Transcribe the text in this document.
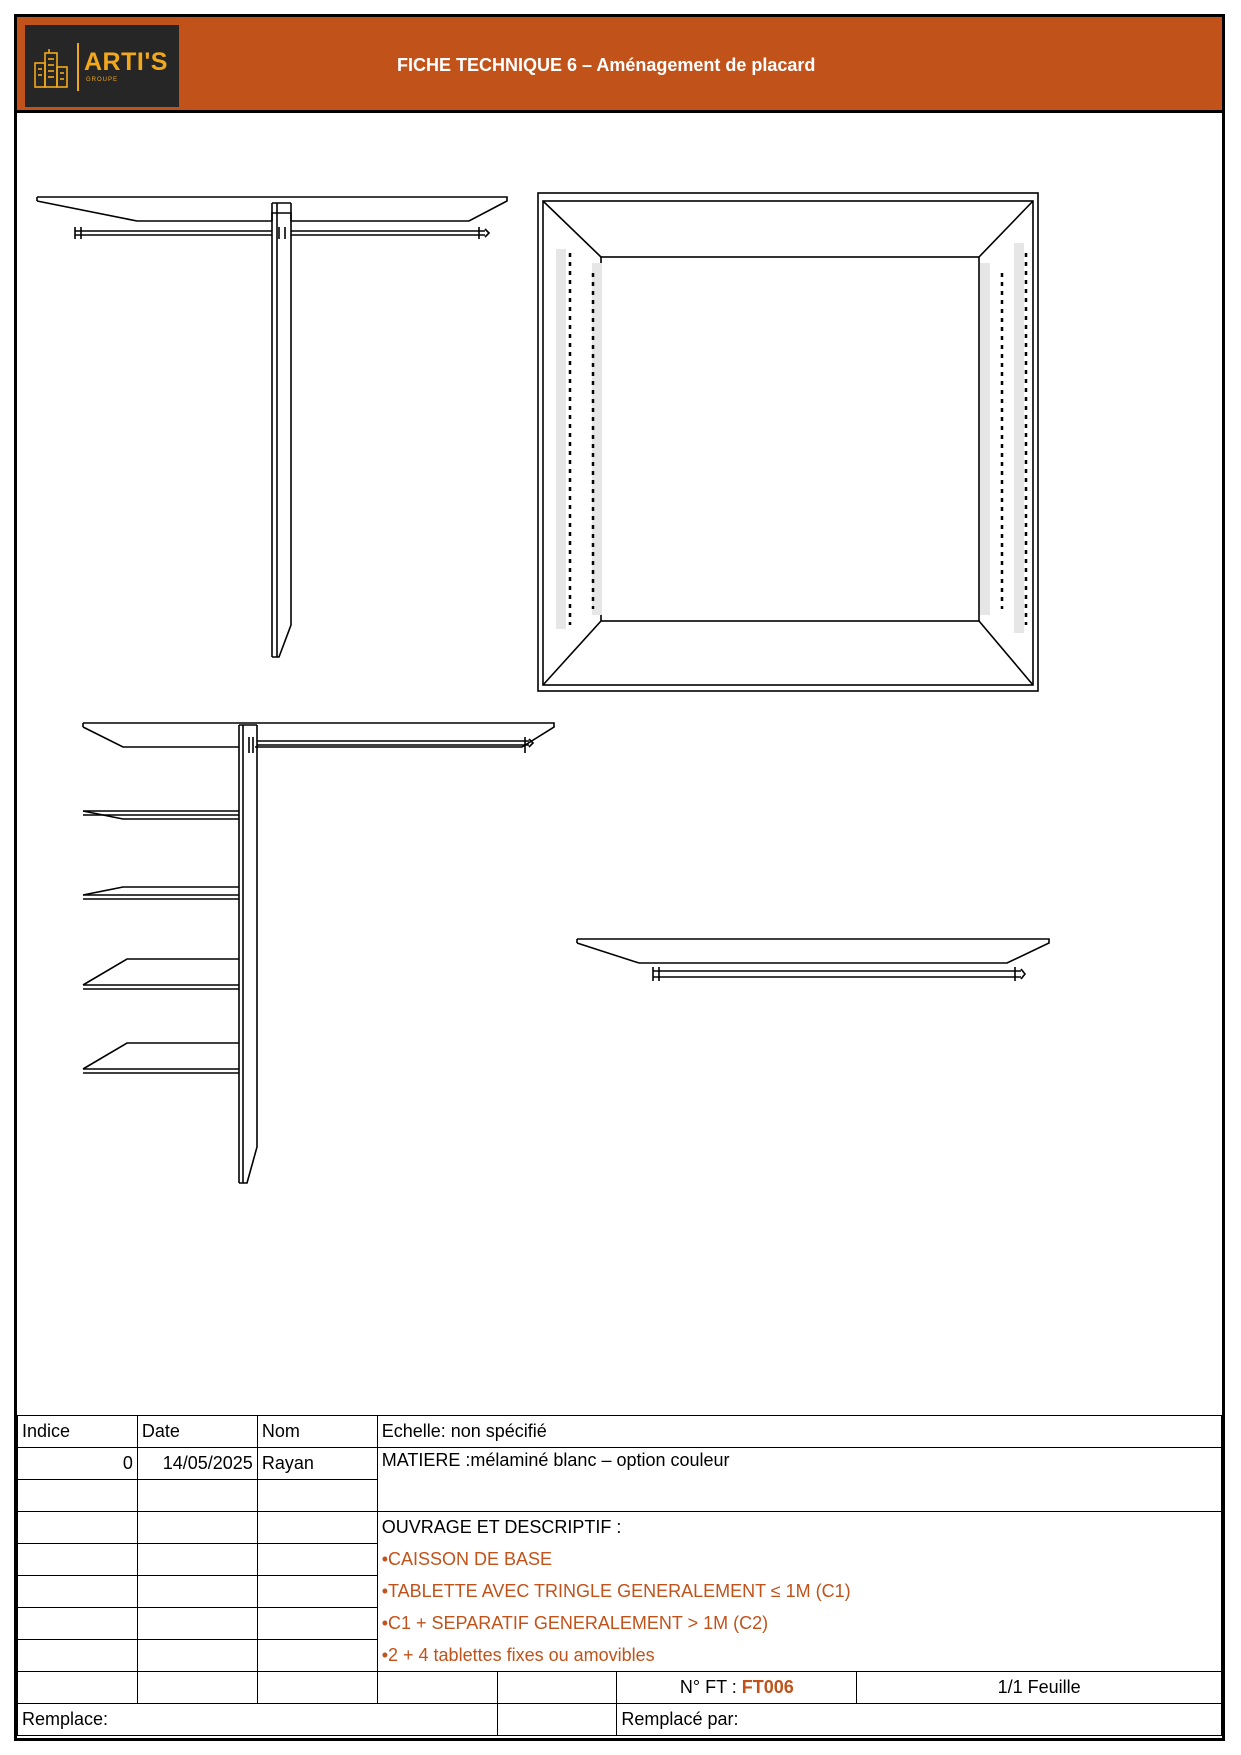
ARTI'S
GROUPE
FICHE TECHNIQUE 6 – Aménagement de placard
Indice	Date	Nom	Echelle: non spécifié			
0	14/05/2025	Rayan	MATIERE :mélaminé blanc – option couleur			

			OUVRAGE ET DESCRIPTIF :			
			•CAISSON DE BASE			
			•TABLETTE AVEC TRINGLE GENERALEMENT ≤ 1M (C1)			
			•C1 + SEPARATIF GENERALEMENT > 1M (C2)			
			•2 + 4 tablettes fixes ou amovibles			
					N° FT : FT006	1/1 Feuille
Remplace:					Remplacé par:	
